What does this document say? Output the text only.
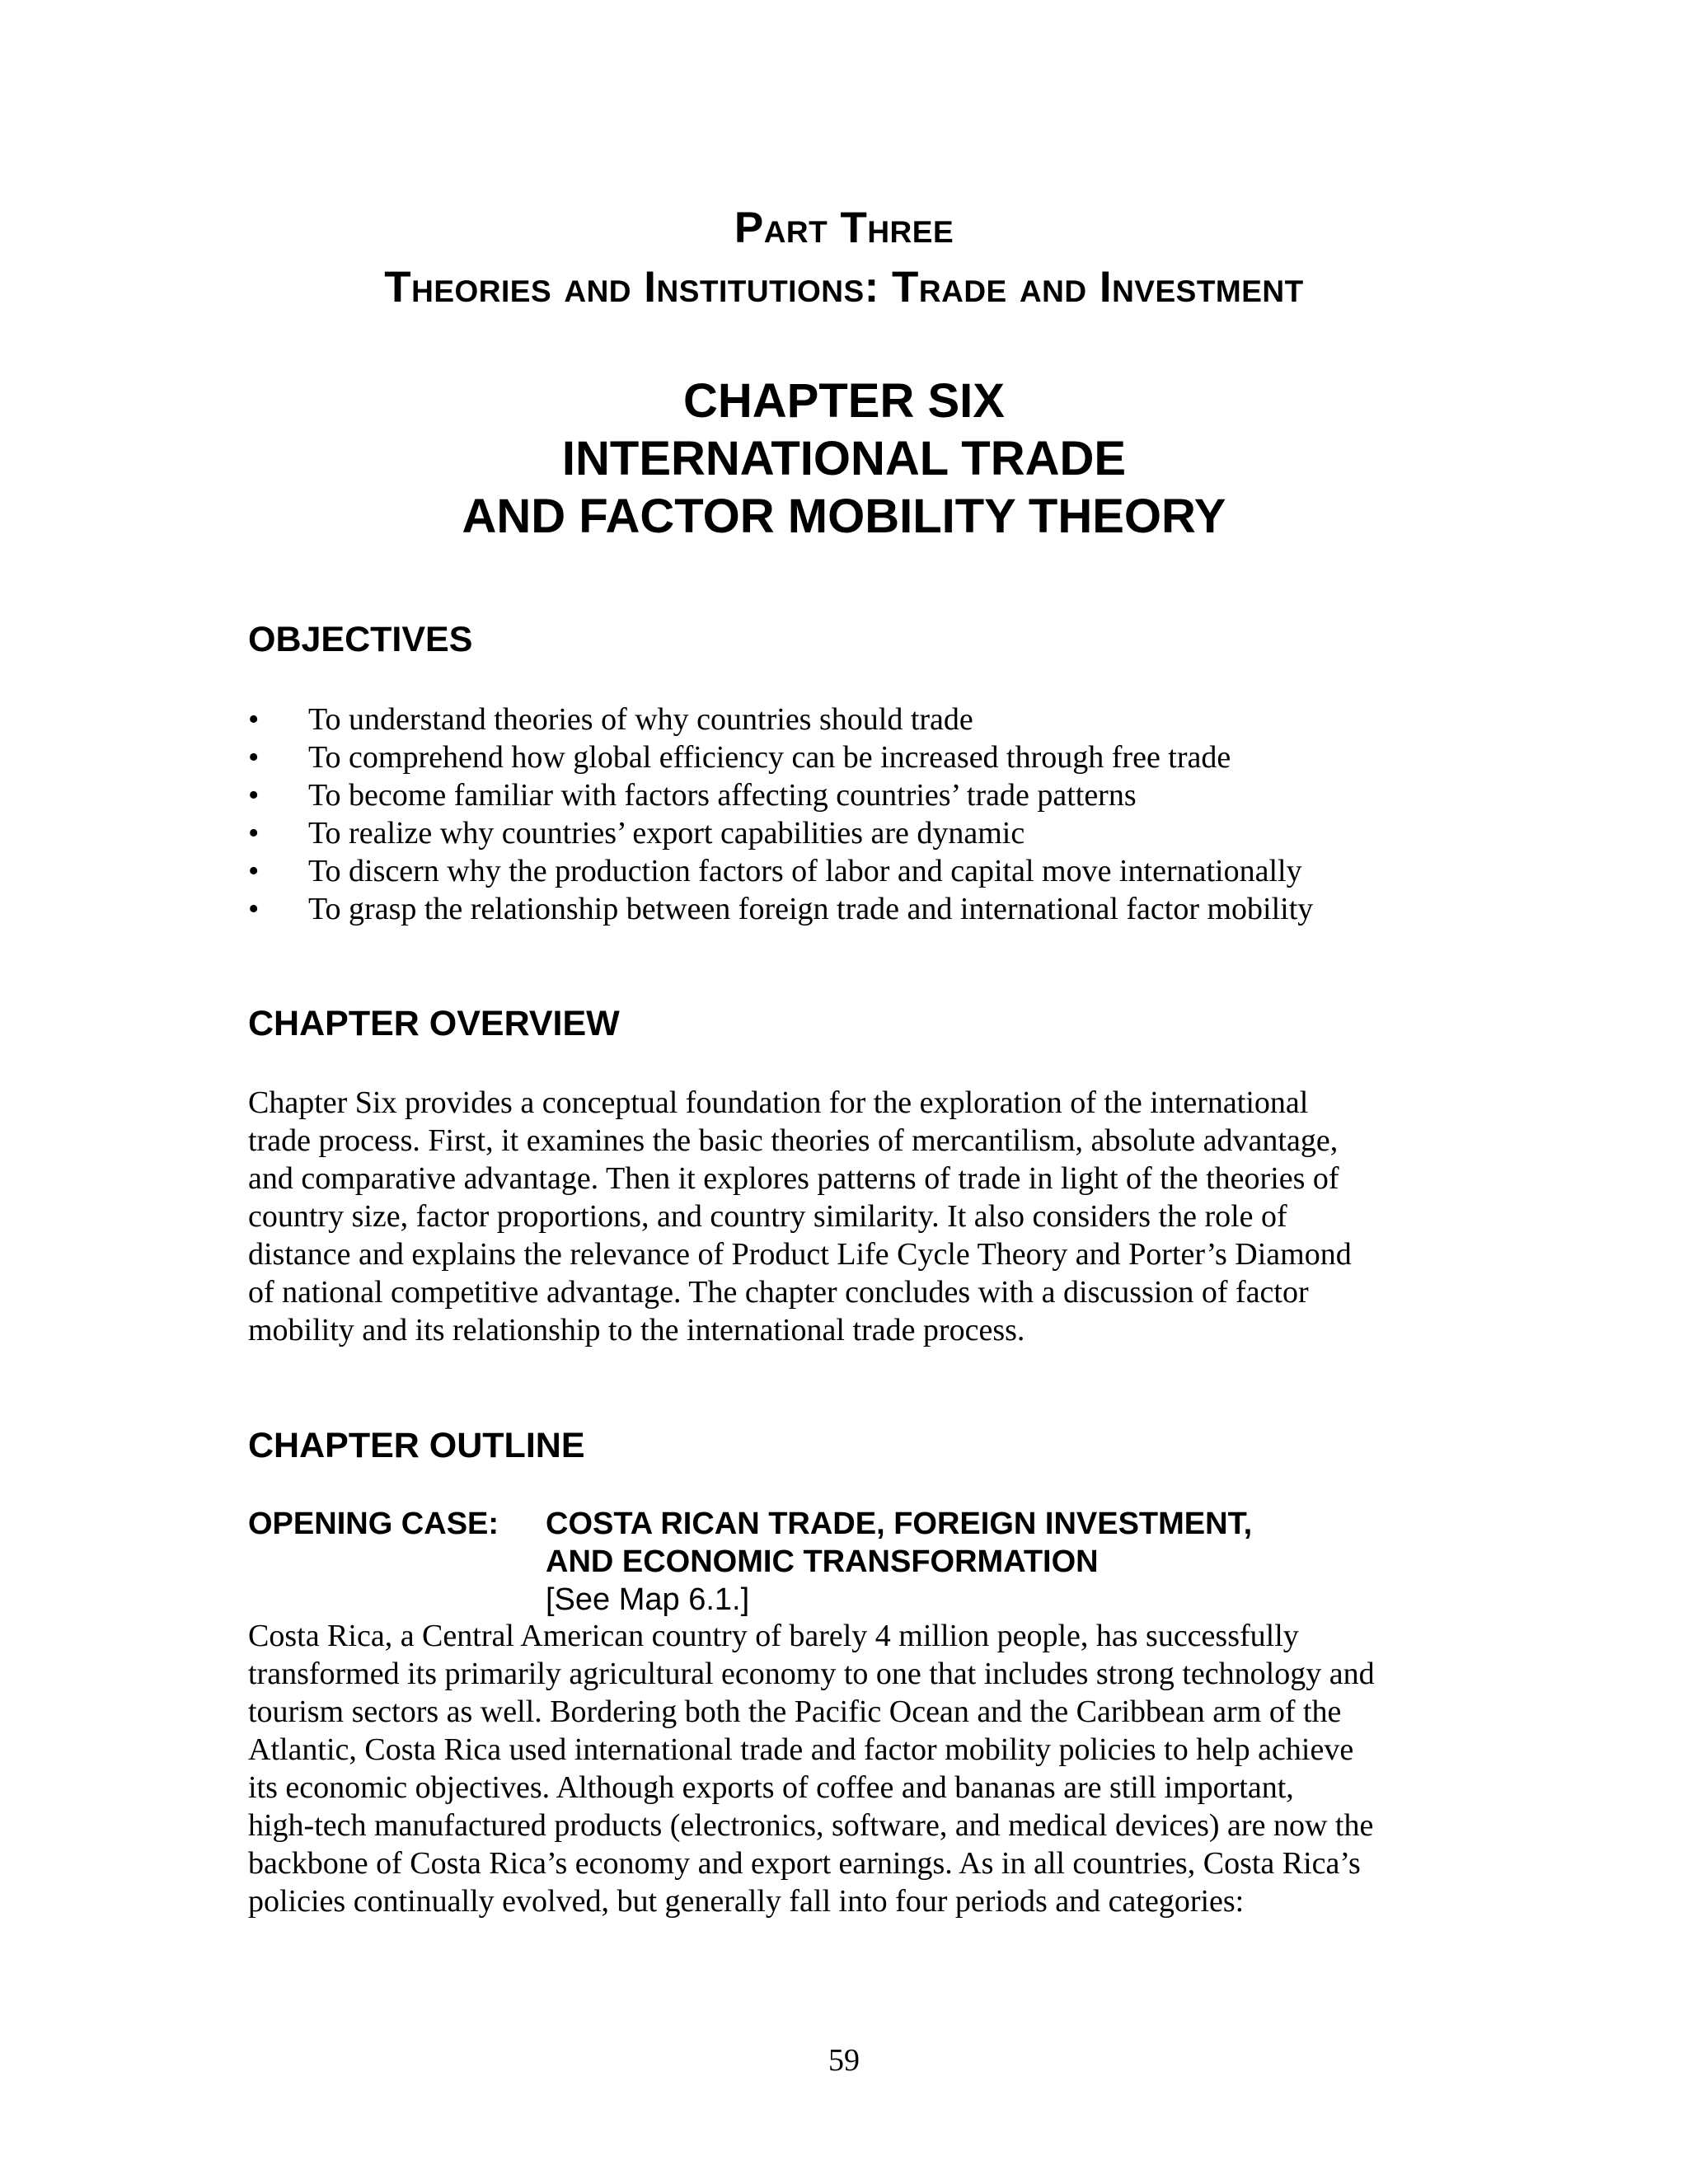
Part Three
Theories and Institutions: Trade and Investment
CHAPTER SIX
INTERNATIONAL TRADE
AND FACTOR MOBILITY THEORY
OBJECTIVES
• To understand theories of why countries should trade
• To comprehend how global efficiency can be increased through free trade
• To become familiar with factors affecting countries’ trade patterns
• To realize why countries’ export capabilities are dynamic
• To discern why the production factors of labor and capital move internationally
• To grasp the relationship between foreign trade and international factor mobility
CHAPTER OVERVIEW
Chapter Six provides a conceptual foundation for the exploration of the international
trade process. First, it examines the basic theories of mercantilism, absolute advantage,
and comparative advantage. Then it explores patterns of trade in light of the theories of
country size, factor proportions, and country similarity. It also considers the role of
distance and explains the relevance of Product Life Cycle Theory and Porter’s Diamond
of national competitive advantage. The chapter concludes with a discussion of factor
mobility and its relationship to the international trade process.
CHAPTER OUTLINE
OPENING CASE: COSTA RICAN TRADE, FOREIGN INVESTMENT,
AND ECONOMIC TRANSFORMATION
[See Map 6.1.]
Costa Rica, a Central American country of barely 4 million people, has successfully
transformed its primarily agricultural economy to one that includes strong technology and
tourism sectors as well. Bordering both the Pacific Ocean and the Caribbean arm of the
Atlantic, Costa Rica used international trade and factor mobility policies to help achieve
its economic objectives. Although exports of coffee and bananas are still important,
high-tech manufactured products (electronics, software, and medical devices) are now the
backbone of Costa Rica’s economy and export earnings. As in all countries, Costa Rica’s
policies continually evolved, but generally fall into four periods and categories:
59
